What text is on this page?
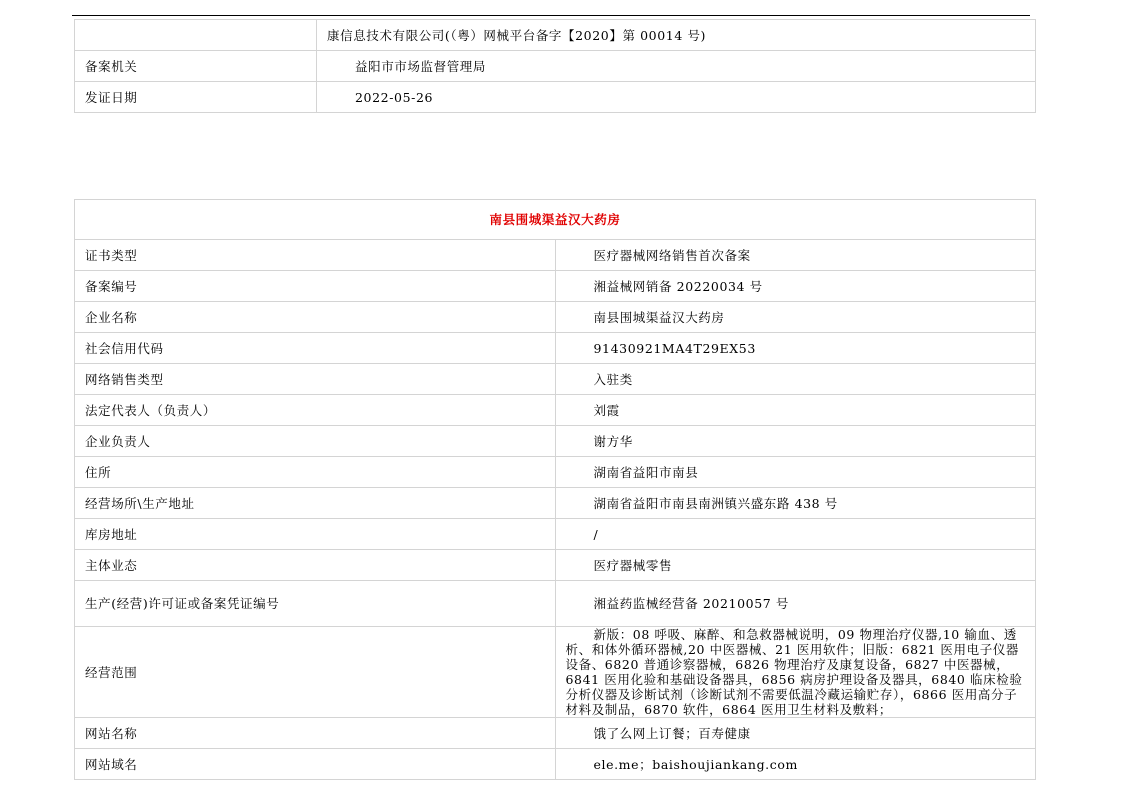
	康信息技术有限公司(（粤）网械平台备字【2020】第 00014 号)
备案机关	益阳市市场监督管理局
发证日期	2022-05-26
南县围城渠益汉大药房	
证书类型	医疗器械网络销售首次备案
备案编号	湘益械网销备 20220034 号
企业名称	南县围城渠益汉大药房
社会信用代码	91430921MA4T29EX53
网络销售类型	入驻类
法定代表人（负责人）	刘霞
企业负责人	谢方华
住所	湖南省益阳市南县
经营场所\生产地址	湖南省益阳市南县南洲镇兴盛东路 438 号
库房地址	/
主体业态	医疗器械零售
生产(经营)许可证或备案凭证编号	湘益药监械经营备 20210057 号
经营范围	新版：08 呼吸、麻醉、和急救器械说明，09 物理治疗仪器,10 输血、透析、和体外循环器械,20 中医器械、21 医用软件；旧版：6821 医用电子仪器设备、6820 普通诊察器械，6826 物理治疗及康复设备，6827 中医器械，6841 医用化验和基础设备器具，6856 病房护理设备及器具，6840 临床检验分析仪器及诊断试剂（诊断试剂不需要低温冷藏运输贮存），6866 医用高分子材料及制品，6870 软件，6864 医用卫生材料及敷料；

网站名称	饿了么网上订餐；百寿健康
网站域名	ele.me；baishoujiankang.com
